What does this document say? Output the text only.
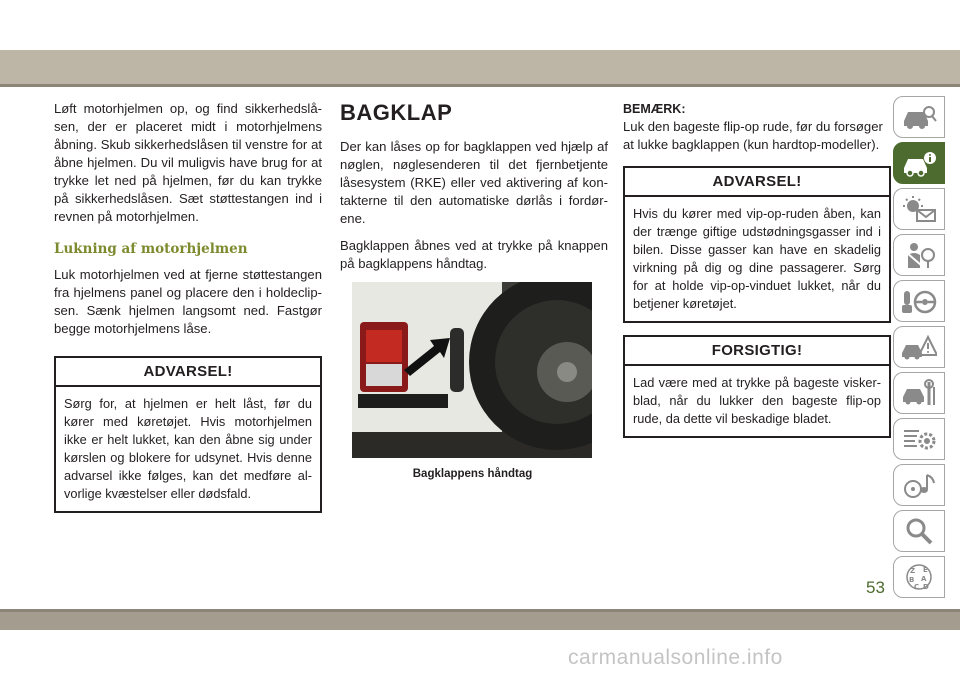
Løft motorhjelmen op, og find sikkerhedslåsen, der er placeret midt i motorhjelmens åbning. Skub sikkerhedslåsen til venstre for at åbne hjelmen. Du vil muligvis have brug for at trykke let ned på hjelmen, før du kan trykke på sikkerhedslåsen. Sæt støttestangen ind i revnen på motorhjelmen.

Lukning af motorhjelmen

Luk motorhjelmen ved at fjerne støttestangen fra hjelmens panel og placere den i holdeclipsen. Sænk hjelmen langsomt ned. Fastgør begge motorhjelmens låse.

ADVARSEL!
Sørg for, at hjelmen er helt låst, før du kører med køretøjet. Hvis motorhjelmen ikke er helt lukket, kan den åbne sig under kørslen og blokere for udsynet. Hvis denne advarsel ikke følges, kan det medføre alvorlige kvæstelser eller dødsfald.
BAGKLAP

Der kan låses op for bagklappen ved hjælp af nøglen, nøglesenderen til det fjernbetjente låsesystem (RKE) eller ved aktivering af kontakterne til den automatiske dørlås i fordørene.

Bagklappen åbnes ved at trykke på knappen på bagklappens håndtag.

Bagklappens håndtag
BEMÆRK:

Luk den bageste flip-op rude, før du forsøger at lukke bagklappen (kun hardtop-modeller).

ADVARSEL!
Hvis du kører med vip-op-ruden åben, kan der trænge giftige udstødningsgasser ind i bilen. Disse gasser kan have en skadelig virkning på dig og dine passagerer. Sørg for at holde vip-op-vinduet lukket, når du betjener køretøjet.
FORSIGTIG!
Lad være med at trykke på bageste viskerblad, når du lukker den bageste flip-op rude, da dette vil beskadige bladet.
Z E
B A
C D
53
carmanualsonline.info
